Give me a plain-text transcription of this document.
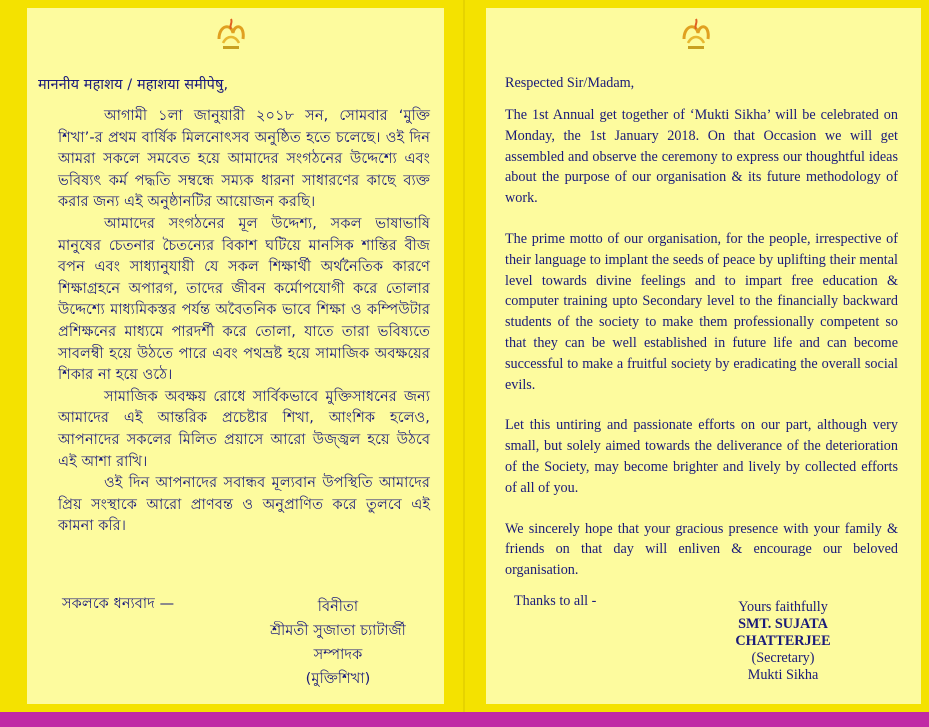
माननीय महाशय / महाशया समीपेषु,

আগামী ১লা জানুয়ারী ২০১৮ সন, সোমবার ‘মুক্তি শিখা’-র প্রথম বার্ষিক মিলনোৎসব অনুষ্ঠিত হতে চলেছে। ওই দিন আমরা সকলে সমবেত হয়ে আমাদের সংগঠনের উদ্দেশ্যে এবং ভবিষ্যৎ কর্ম পদ্ধতি সম্বন্ধে সম্যক ধারনা সাধারণের কাছে ব্যক্ত করার জন্য এই অনুষ্ঠানটির আয়োজন করছি।

আমাদের সংগঠনের মূল উদ্দেশ্য, সকল ভাষাভাষি মানুষের চেতনার চৈতন্যের বিকাশ ঘটিয়ে মানসিক শান্তির বীজ বপন এবং সাধ্যানুযায়ী যে সকল শিক্ষার্থী অর্থনৈতিক কারণে শিক্ষাগ্রহনে অপারগ, তাদের জীবন কর্মোপযোগী করে তোলার উদ্দেশ্যে মাধ্যমিকস্তর পর্যন্ত অবৈতনিক ভাবে শিক্ষা ও কম্পিউটার প্রশিক্ষনের মাধ্যমে পারদর্শী করে তোলা, যাতে তারা ভবিষ্যতে সাবলম্বী হয়ে উঠতে পারে এবং পথভ্রষ্ট হয়ে সামাজিক অবক্ষয়ের শিকার না হয়ে ওঠে।

সামাজিক অবক্ষয় রোধে সার্বিকভাবে মুক্তিসাধনের জন্য আমাদের এই আন্তরিক প্রচেষ্টার শিখা, আংশিক হলেও, আপনাদের সকলের মিলিত প্রয়াসে আরো উজ্জ্বল হয়ে উঠবে এই আশা রাখি।

ওই দিন আপনাদের সবান্ধব মূল্যবান উপস্থিতি আমাদের প্রিয় সংস্থাকে আরো প্রাণবন্ত ও অনুপ্রাণিত করে তুলবে এই কামনা করি।

সকলকে ধন্যবাদ —	বিনীতা
শ্রীমতী সুজাতা চ্যাটার্জী
সম্পাদক
(মুক্তিশিখা)
Respected Sir/Madam,

The 1st Annual get together of ‘Mukti Sikha’ will be celebrated on Monday, the 1st January 2018. On that Occasion we will get assembled and observe the ceremony to express our thoughtful ideas about the purpose of our organisation & its future methodology of work.

The prime motto of our organisation, for the people, irrespective of their language to implant the seeds of peace by uplifting their mental level towards divine feelings and to impart free education & computer training upto Secondary level to the financially backward students of the society to make them professionally competent so that they can be well established in future life and can become successful to make a fruitful society by eradicating the overall social evils.

Let this untiring and passionate efforts on our part, although very small, but solely aimed towards the deliverance of the deterioration of the Society, may become brighter and lively by collected efforts of all of you.

We sincerely hope that your gracious presence with your family & friends on that day will enliven & encourage our beloved organisation.

Thanks to all -	Yours faithfully
SMT. SUJATA CHATTERJEE
(Secretary)
Mukti Sikha
